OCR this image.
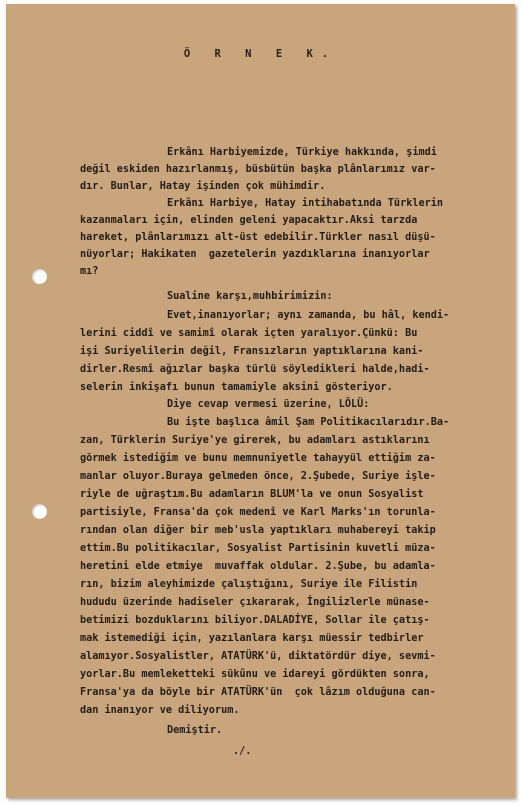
Ö R N E K.
Erkânı Harbiyemizde, Türkiye hakkında, şimdi
değil eskiden hazırlanmış, büsbütün başka plânlarımız var-
dır. Bunlar, Hatay işinden çok mühimdir.
Erkânı Harbiye, Hatay intihabatında Türklerin
kazanmaları için, elinden geleni yapacaktır.Aksi tarzda
hareket, plânlarımızı alt-üst edebilir.Türkler nasıl düşü-
nüyorlar; Hakikaten  gazetelerin yazdıklarına inanıyorlar
mı?
Sualine karşı,muhbirimizin:
Evet,inanıyorlar; aynı zamanda, bu hâl, kendi-
lerini ciddî ve samimî olarak içten yaralıyor.Çünkü: Bu
işi Suriyelilerin değil, Fransızların yaptıklarına kani-
dirler.Resmî ağızlar başka türlü söyledikleri halde,hadi-
selerin inkişafı bunun tamamiyle aksini gösteriyor.
Diye cevap vermesi üzerine, LÖLÜ:
Bu işte başlıca âmil Şam Politikacılarıdır.Ba-
zan, Türklerin Suriye'ye girerek, bu adamları astıklarını
görmek istediğim ve bunu memnuniyetle tahayyül ettiğim za-
manlar oluyor.Buraya gelmeden önce, 2.Şubede, Suriye işle-
riyle de uğraştım.Bu adamların BLUM'la ve onun Sosyalist
partisiyle, Fransa'da çok medenî ve Karl Marks'ın torunla-
rından olan diğer bir meb'usla yaptıkları muhabereyi takip
ettim.Bu politikacılar, Sosyalist Partisinin kuvetli müza-
heretini elde etmiye  muvaffak oldular. 2.Şube, bu adamla-
rın, bizim aleyhimizde çalıştığını, Suriye ile Filistin
hududu üzerinde hadiseler çıkararak, İngilizlerle münase-
betimizi bozduklarını biliyor.DALADİYE, Sollar ile çatış-
mak istemediği için, yazılanlara karşı müessir tedbirler
alamıyor.Sosyalistler, ATATÜRK'ü, diktatördür diye, sevmi-
yorlar.Bu memleketteki sükûnu ve idareyi gördükten sonra,
Fransa'ya da böyle bir ATATÜRK'ün  çok lâzım olduğuna can-
dan inanıyor ve diliyorum.
Demiştir.
./.
